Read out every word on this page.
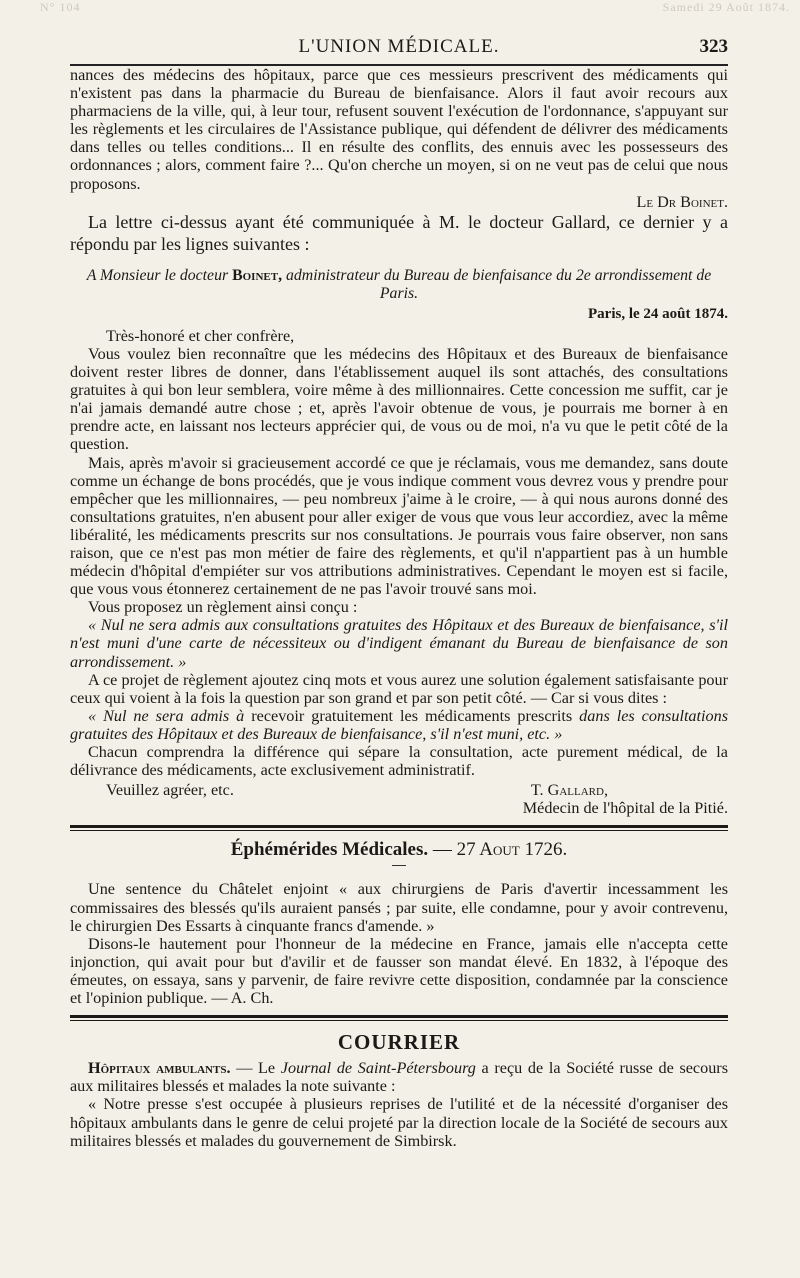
N° 104	Samedi 29 Août 1874.
L'UNION MÉDICALE.	323

nances des médecins des hôpitaux, parce que ces messieurs prescrivent des médicaments qui n'existent pas dans la pharmacie du Bureau de bienfaisance. Alors il faut avoir recours aux pharmaciens de la ville, qui, à leur tour, refusent souvent l'exécution de l'ordonnance, s'appuyant sur les règlements et les circulaires de l'Assistance publique, qui défendent de délivrer des médicaments dans telles ou telles conditions... Il en résulte des conflits, des ennuis avec les possesseurs des ordonnances ; alors, comment faire ?... Qu'on cherche un moyen, si on ne veut pas de celui que nous proposons.

Le Dr Boinet.

La lettre ci-dessus ayant été communiquée à M. le docteur Gallard, ce dernier y a répondu par les lignes suivantes :

A Monsieur le docteur Boinet, administrateur du Bureau de bienfaisance du 2e arrondissement de Paris.
Paris, le 24 août 1874.

Très-honoré et cher confrère,

Vous voulez bien reconnaître que les médecins des Hôpitaux et des Bureaux de bienfaisance doivent rester libres de donner, dans l'établissement auquel ils sont attachés, des consultations gratuites à qui bon leur semblera, voire même à des millionnaires. Cette concession me suffit, car je n'ai jamais demandé autre chose ; et, après l'avoir obtenue de vous, je pourrais me borner à en prendre acte, en laissant nos lecteurs apprécier qui, de vous ou de moi, n'a vu que le petit côté de la question.

Mais, après m'avoir si gracieusement accordé ce que je réclamais, vous me demandez, sans doute comme un échange de bons procédés, que je vous indique comment vous devrez vous y prendre pour empêcher que les millionnaires, — peu nombreux j'aime à le croire, — à qui nous aurons donné des consultations gratuites, n'en abusent pour aller exiger de vous que vous leur accordiez, avec la même libéralité, les médicaments prescrits sur nos consultations. Je pourrais vous faire observer, non sans raison, que ce n'est pas mon métier de faire des règlements, et qu'il n'appartient pas à un humble médecin d'hôpital d'empiéter sur vos attributions administratives. Cependant le moyen est si facile, que vous vous étonnerez certainement de ne pas l'avoir trouvé sans moi.

Vous proposez un règlement ainsi conçu :

« Nul ne sera admis aux consultations gratuites des Hôpitaux et des Bureaux de bienfaisance, s'il n'est muni d'une carte de nécessiteux ou d'indigent émanant du Bureau de bienfaisance de son arrondissement. »

A ce projet de règlement ajoutez cinq mots et vous aurez une solution également satisfaisante pour ceux qui voient à la fois la question par son grand et par son petit côté. — Car si vous dites :

« Nul ne sera admis à recevoir gratuitement les médicaments prescrits dans les consultations gratuites des Hôpitaux et des Bureaux de bienfaisance, s'il n'est muni, etc. »

Chacun comprendra la différence qui sépare la consultation, acte purement médical, de la délivrance des médicaments, acte exclusivement administratif.

Veuillez agréer, etc.	T. Gallard,
Médecin de l'hôpital de la Pitié.
Éphémérides Médicales. — 27 Aout 1726.

Une sentence du Châtelet enjoint « aux chirurgiens de Paris d'avertir incessamment les commissaires des blessés qu'ils auraient pansés ; par suite, elle condamne, pour y avoir contrevenu, le chirurgien Des Essarts à cinquante francs d'amende. »

Disons-le hautement pour l'honneur de la médecine en France, jamais elle n'accepta cette injonction, qui avait pour but d'avilir et de fausser son mandat élevé. En 1832, à l'époque des émeutes, on essaya, sans y parvenir, de faire revivre cette disposition, condamnée par la conscience et l'opinion publique. — A. Ch.

COURRIER

Hôpitaux ambulants. — Le Journal de Saint-Pétersbourg a reçu de la Société russe de secours aux militaires blessés et malades la note suivante :

« Notre presse s'est occupée à plusieurs reprises de l'utilité et de la nécessité d'organiser des hôpitaux ambulants dans le genre de celui projeté par la direction locale de la Société de secours aux militaires blessés et malades du gouvernement de Simbirsk.
